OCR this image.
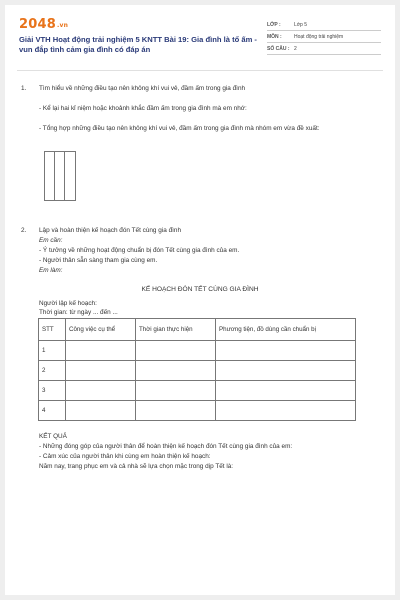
2048.vn
Giải VTH Hoạt động trải nghiệm 5 KNTT Bài 19: Gia đình là tổ ấm - vun đắp tình cảm gia đình có đáp án
LỚP :	Lớp 5
MÔN :	Hoạt động trải nghiệm
SỐ CÂU : 2
1. Tìm hiểu về những điều tạo nên không khí vui vẻ, đầm ấm trong gia đình
- Kể lại hai kỉ niệm hoặc khoảnh khắc đầm ấm trong gia đình mà em nhớ:
- Tổng hợp những điều tạo nên không khí vui vẻ, đầm ấm trong gia đình mà nhóm em vừa đề xuất:
2. Lập và hoàn thiện kế hoạch đón Tết cùng gia đình
Em cần:
- Ý tưởng về những hoạt động chuẩn bị đón Tết cùng gia đình của em.
- Người thân sẵn sàng tham gia cùng em.
Em làm:
KẾ HOẠCH ĐÓN TẾT CÙNG GIA ĐÌNH
Người lập kế hoạch:
Thời gian: từ ngày ... đến ...
STT	Công việc cụ thể	Thời gian thực hiện	Phương tiện, đồ dùng cần chuẩn bị
1			
2			
3			
4			
KẾT QUẢ
- Những đóng góp của người thân để hoàn thiện kế hoạch đón Tết cùng gia đình của em:
- Cảm xúc của người thân khi cùng em hoàn thiện kế hoạch:
Năm nay, trang phục em và cả nhà sẽ lựa chọn mặc trong dịp Tết là:
